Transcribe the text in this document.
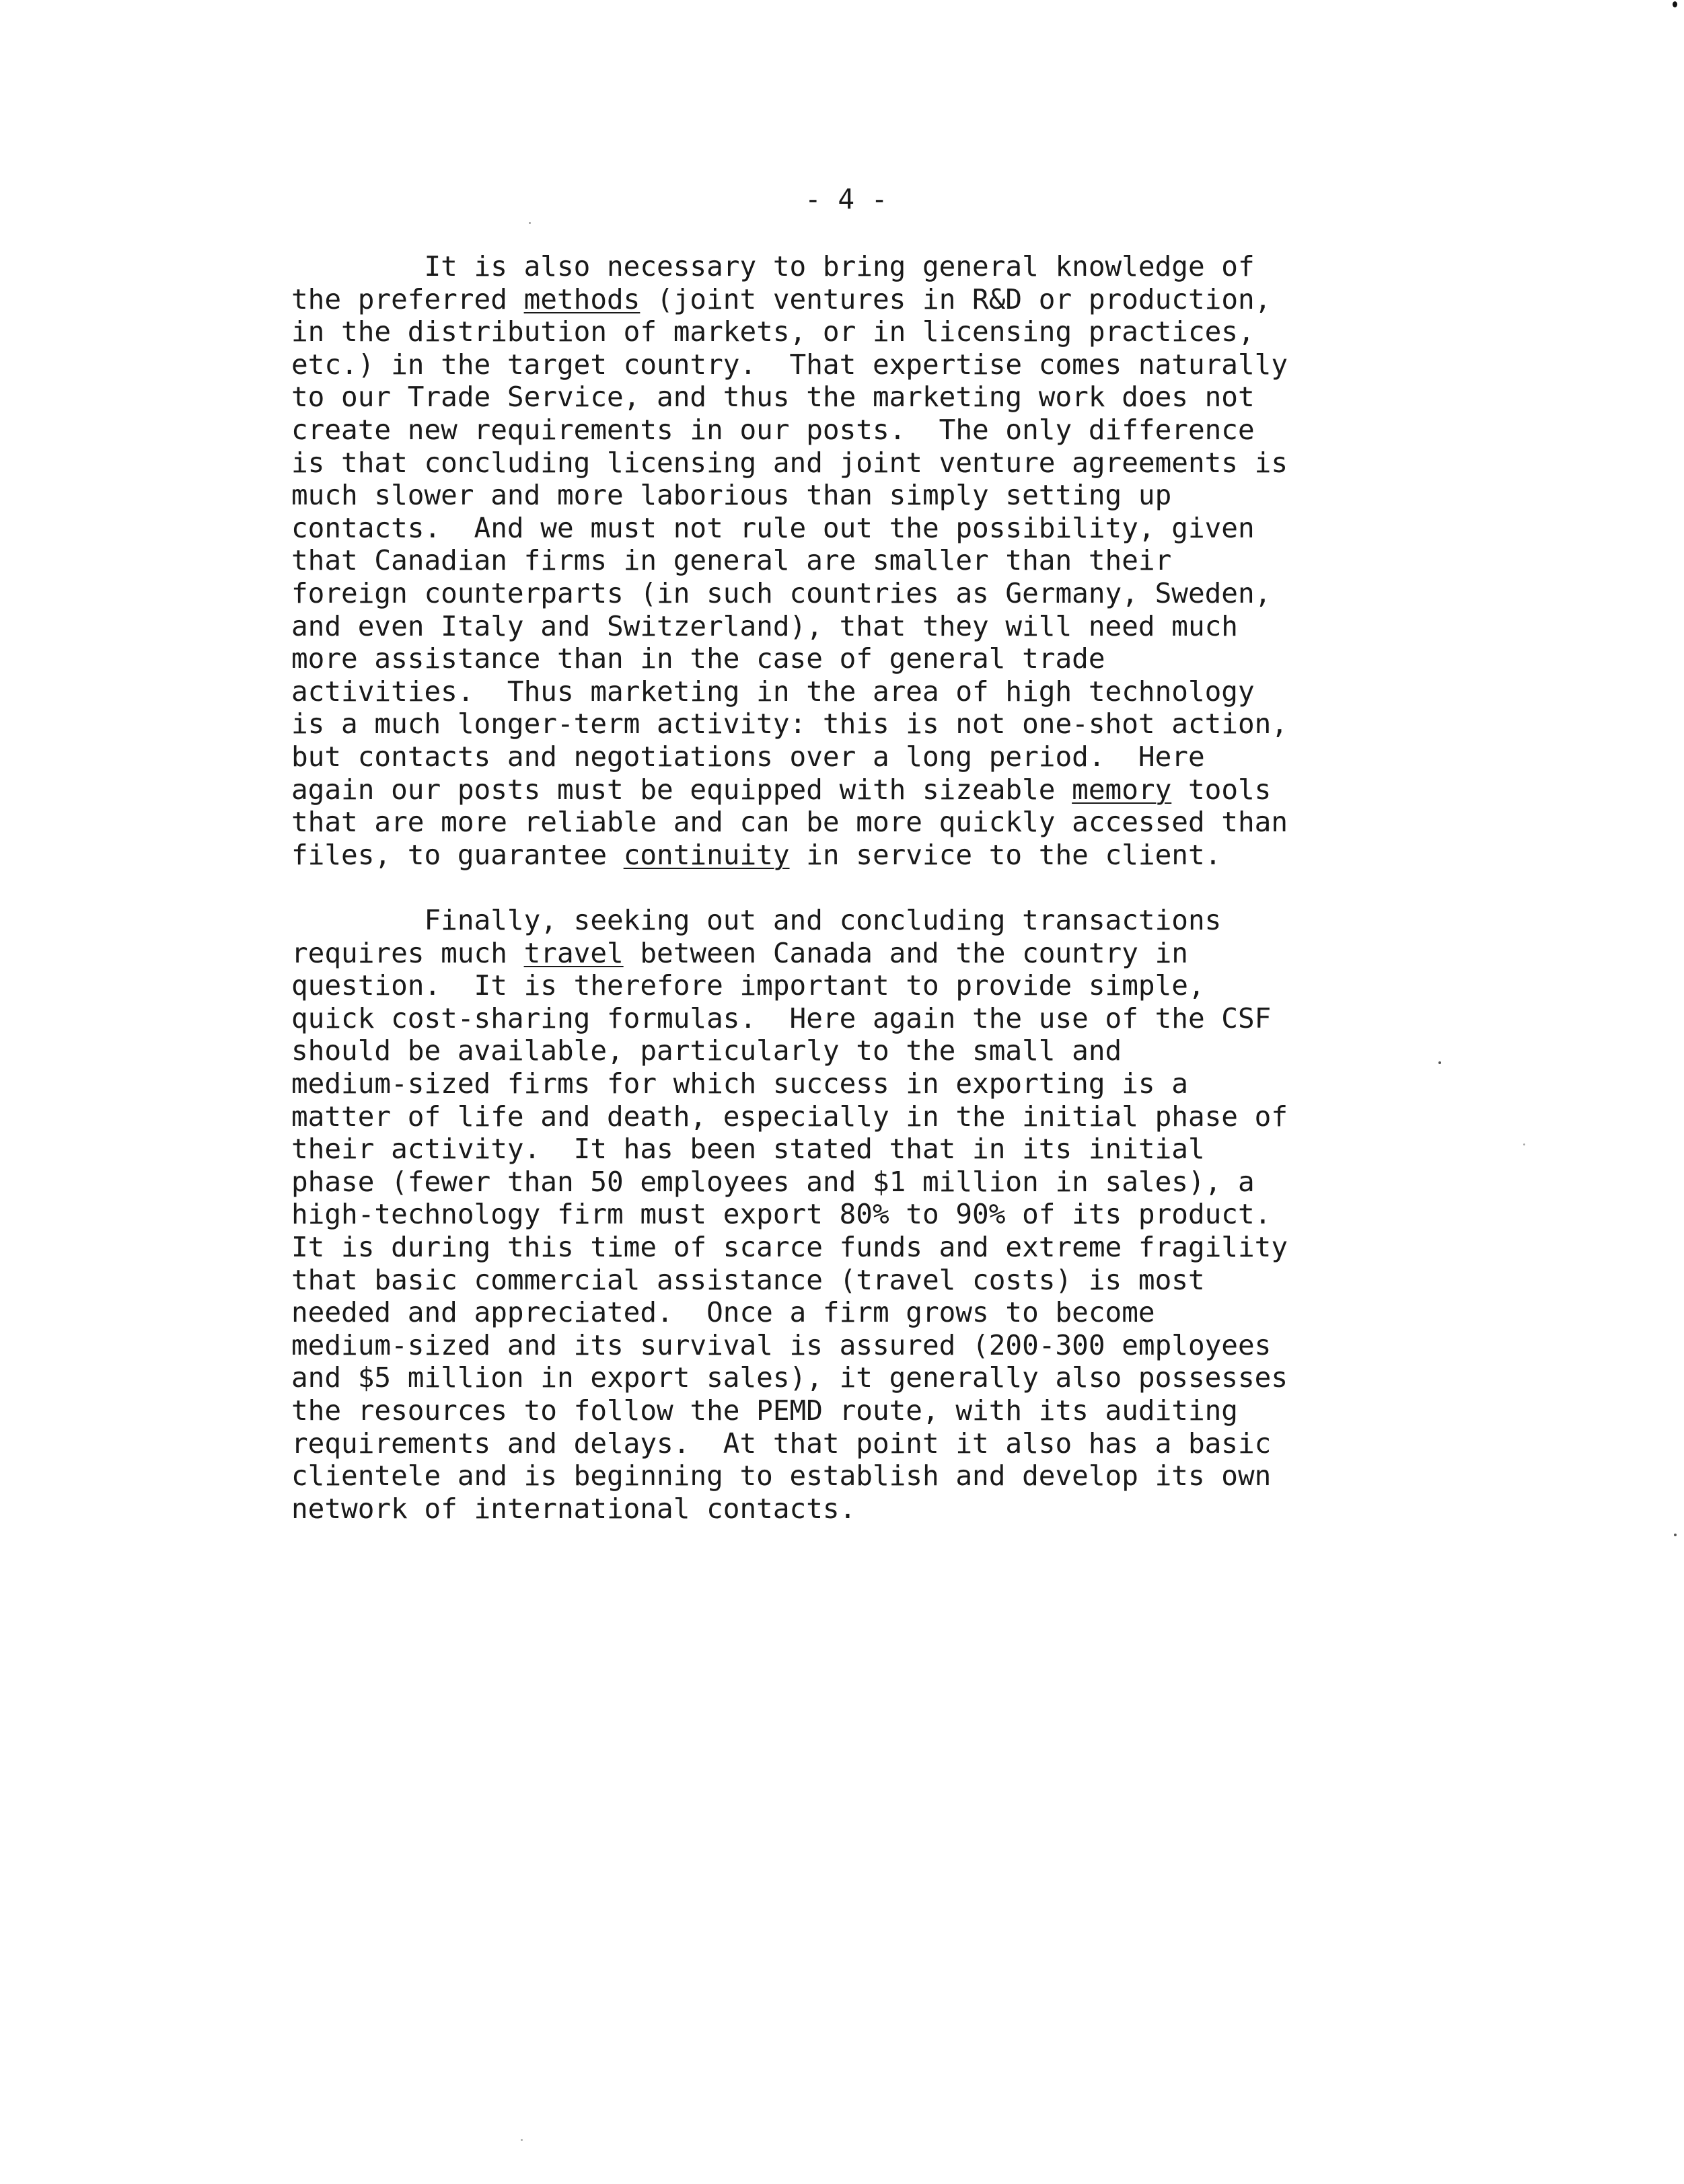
- 4 -

It is also necessary to bring general knowledge of
the preferred methods (joint ventures in R&D or production,
in the distribution of markets, or in licensing practices,
etc.) in the target country.  That expertise comes naturally
to our Trade Service, and thus the marketing work does not
create new requirements in our posts.  The only difference
is that concluding licensing and joint venture agreements is
much slower and more laborious than simply setting up
contacts.  And we must not rule out the possibility, given
that Canadian firms in general are smaller than their
foreign counterparts (in such countries as Germany, Sweden,
and even Italy and Switzerland), that they will need much
more assistance than in the case of general trade
activities.  Thus marketing in the area of high technology
is a much longer-term activity: this is not one-shot action,
but contacts and negotiations over a long period.  Here
again our posts must be equipped with sizeable memory tools
that are more reliable and can be more quickly accessed than
files, to guarantee continuity in service to the client.
Finally, seeking out and concluding transactions
requires much travel between Canada and the country in
question.  It is therefore important to provide simple,
quick cost-sharing formulas.  Here again the use of the CSF
should be available, particularly to the small and
medium-sized firms for which success in exporting is a
matter of life and death, especially in the initial phase of
their activity.  It has been stated that in its initial
phase (fewer than 50 employees and $1 million in sales), a
high-technology firm must export 80% to 90% of its product.
It is during this time of scarce funds and extreme fragility
that basic commercial assistance (travel costs) is most
needed and appreciated.  Once a firm grows to become
medium-sized and its survival is assured (200-300 employees
and $5 million in export sales), it generally also possesses
the resources to follow the PEMD route, with its auditing
requirements and delays.  At that point it also has a basic
clientele and is beginning to establish and develop its own
network of international contacts.
